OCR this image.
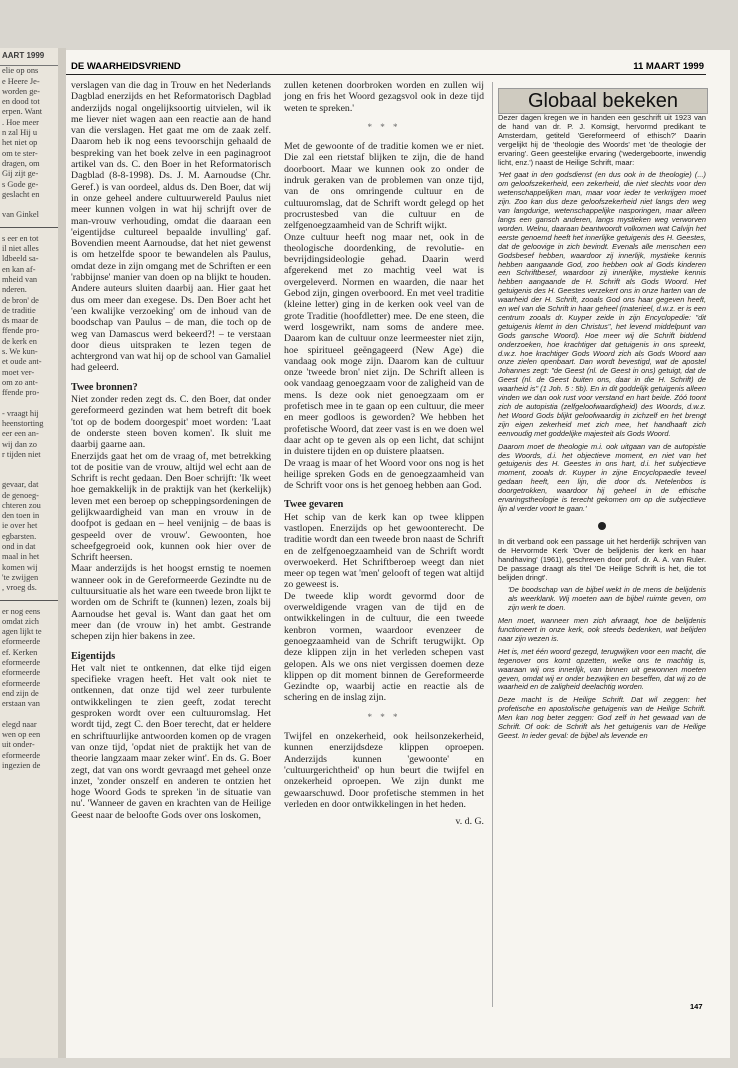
AART 1999
elie op ons
e Heere Je-
worden ge-
en dood tot
erpen. Want
. Hoe meer
n zal Hij u
het niet op
om te ster-
dragen, om
Gij zijt ge-
s Gode ge-
geslacht en

van Ginkel
s eer en tot
il niet alles
ldbeeld sa-
en kan af-
mheid van
nderen.
de bron' de
de traditie
ds maar de
ffende pro-
de kerk en
s. We kun-
et oude ant-
moet ver-
om zo ant-
ffende pro-

- vraagt hij
heenstorting
eer een an-
wij dan zo
r tijden niet
gevaar, dat
de genoeg-
chteren zou
den toen in
ie over het
egbarsten.
ond in dat
maal in het
komen wij
'te zwijgen
, vroeg ds.
er nog eens
omdat zich
agen lijkt te
eformeerde
ef. Kerken
eformeerde
eformeerde
eformeerde
end zijn de
erstaan van

elegd naar
wen op een
uit onder-
eformeerde
ingezien de
DE WAARHEIDSVRIEND	11 MAART 1999

verslagen van die dag in Trouw en het Nederlands Dagblad enerzijds en het Reformatorisch Dagblad anderzijds nogal ongelijksoortig uitvielen, wil ik me liever niet wagen aan een reactie aan de hand van die verslagen. Het gaat me om de zaak zelf. Daarom heb ik nog eens tevoorschijn gehaald de bespreking van het boek zelve in een paginagroot artikel van ds. C. den Boer in het Reformatorisch Dagblad (8-8-1998). Ds. J. M. Aarnoudse (Chr. Geref.) is van oordeel, aldus ds. Den Boer, dat wij in onze geheel andere cultuurwereld Paulus niet meer kunnen volgen in wat hij schrijft over de man-vrouw verhouding, omdat die daaraan een 'eigentijdse cultureel bepaalde invulling' gaf. Bovendien meent Aarnoudse, dat het niet gewenst is om hetzelfde spoor te bewandelen als Paulus, omdat deze in zijn omgang met de Schriften er een 'rabbijnse' manier van doen op na blijkt te houden. Andere auteurs sluiten daarbij aan. Hier gaat het dus om meer dan exegese. Ds. Den Boer acht het 'een kwalijke verzoeking' om de inhoud van de boodschap van Paulus – de man, die toch op de weg van Damascus werd bekeerd?! – te verstaan door dieus uitspraken te lezen tegen de achtergrond van wat hij op de school van Gamaliel had geleerd.

Twee bronnen?

Niet zonder reden zegt ds. C. den Boer, dat onder gereformeerd gezinden wat hem betreft dit boek 'tot op de bodem doorgespit' moet worden: 'Laat de onderste steen boven komen'. Ik sluit me daarbij gaarne aan.

Enerzijds gaat het om de vraag of, met betrekking tot de positie van de vrouw, altijd wel echt aan de Schrift is recht gedaan. Den Boer schrijft: 'Ik weet hoe gemakkelijk in de praktijk van het (kerkelijk) leven met een beroep op scheppingsordeningen de gelijkwaardigheid van man en vrouw in de doofpot is gedaan en – heel venijnig – de baas is gespeeld over de vrouw'. Gewoonten, hoe scheefgegroeid ook, kunnen ook hier over de Schrift heersen.

Maar anderzijds is het hoogst ernstig te noemen wanneer ook in de Gereformeerde Gezindte nu de cultuursituatie als het ware een tweede bron lijkt te worden om de Schrift te (kunnen) lezen, zoals bij Aarnoudse het geval is. Want dan gaat het om meer dan (de vrouw in) het ambt. Gestrande schepen zijn hier bakens in zee.

Eigentijds

Het valt niet te ontkennen, dat elke tijd eigen specifieke vragen heeft. Het valt ook niet te ontkennen, dat onze tijd wel zeer turbulente ontwikkelingen te zien geeft, zodat terecht gesproken wordt over een cultuuromslag. Het wordt tijd, zegt C. den Boer terecht, dat er heldere en schriftuurlijke antwoorden komen op de vragen van onze tijd, 'opdat niet de praktijk het van de theorie langzaam maar zeker wint'. En ds. G. Boer zegt, dat van ons wordt gevraagd met geheel onze inzet, 'zonder onszelf en anderen te ontzien het hoge Woord Gods te spreken 'in de situatie van nu'. 'Wanneer de gaven en krachten van de Heilige Geest naar de beloofte Gods over ons loskomen,

zullen ketenen doorbroken worden en zullen wij jong en fris het Woord gezagsvol ook in deze tijd weten te spreken.'

* * *

Met de gewoonte of de traditie komen we er niet. Die zal een rietstaf blijken te zijn, die de hand doorboort. Maar we kunnen ook zo onder de indruk geraken van de problemen van onze tijd, van de ons omringende cultuur en de cultuuromslag, dat de Schrift wordt gelegd op het procrustesbed van die cultuur en de zelfgenoegzaamheid van de Schrift wijkt.

Onze cultuur heeft nog maar net, ook in de theologische doordenking, de revolutie- en bevrijdingsideologie gehad. Daarin werd afgerekend met zo machtig veel wat is overgeleverd. Normen en waarden, die naar het Gebod zijn, gingen overboord. En met veel traditie (kleine letter) ging in de kerken ook veel van de grote Traditie (hoofdletter) mee. De ene steen, die werd losgewrikt, nam soms de andere mee. Daarom kan de cultuur onze leermeester niet zijn, hoe spiritueel geëngageerd (New Age) die vandaag ook moge zijn. Daarom kan de cultuur onze 'tweede bron' niet zijn. De Schrift alleen is ook vandaag genoegzaam voor de zaligheid van de mens. Is deze ook niet genoegzaam om er profetisch mee in te gaan op een cultuur, die meer en meer godloos is geworden? We hebben het profetische Woord, dat zeer vast is en we doen wel daar acht op te geven als op een licht, dat schijnt in duistere tijden en op duistere plaatsen.

De vraag is maar of het Woord voor ons nog is het heilige spreken Gods en de genoegzaamheid van de Schrift voor ons is het genoeg hebben aan God.

Twee gevaren

Het schip van de kerk kan op twee klippen vastlopen. Enerzijds op het gewoonterecht. De traditie wordt dan een tweede bron naast de Schrift en de zelfgenoegzaamheid van de Schrift wordt overwoekerd. Het Schriftberoep weegt dan niet meer op tegen wat 'men' gelooft of tegen wat altijd zo geweest is.

De tweede klip wordt gevormd door de overweldigende vragen van de tijd en de ontwikkelingen in de cultuur, die een tweede kenbron vormen, waardoor evenzeer de genoegzaamheid van de Schrift terugwijkt. Op deze klippen zijn in het verleden schepen vast gelopen. Als we ons niet vergissen doemen deze klippen op dit moment binnen de Gereformeerde Gezindte op, waarbij actie en reactie als de schering en de inslag zijn.

* * *

Twijfel en onzekerheid, ook heilsonzekerheid, kunnen enerzijdsdeze klippen oproepen. Anderzijds kunnen 'gewoonte' en 'cultuurgerichtheid' op hun beurt die twijfel en onzekerheid oproepen. We zijn dunkt me gewaarschuwd. Door profetische stemmen in het verleden en door ontwikkelingen in het heden.

v. d. G.
Globaal bekeken

Dezer dagen kregen we in handen een geschrift uit 1923 van de hand van dr. P. J. Komsigt, hervormd predikant te Amsterdam, getiteld 'Gereformeerd of ethisch?' Daarin vergelijkt hij de 'theologie des Woords' met 'de theologie der ervaring'. Geen geestelijke ervaring ('wedergeboorte, inwendig licht, enz.') naast de Heilige Schrift, maar:

'Het gaat in den godsdienst (en dus ook in de theologie) (...) om geloofszekerheid, een zekerheid, die niet slechts voor den wetenschappelijken man, maar voor ieder te verkrijgen moet zijn. Zoo kan dus deze geloofszekerheid niet langs den weg van langdurige, wetenschappelijke nasporingen, maar alleen langs een gansch anderen, langs mystieken weg verworven worden. Welnu, daaraan beantwoordt volkomen wat Calvijn het eerste genoemd heeft het innerlijke getuigenis des H. Geestes, dat de geloovige in zich bevindt. Evenals alle menschen een Godsbesef hebben, waardoor zij innerlijk, mystieke kennis hebben aangaande God, zoo hebben ook al Gods kinderen een Schriftbesef, waardoor zij innerlijke, mystieke kennis hebben aangaande de H. Schrift als Gods Woord. Het getuigenis des H. Geestes verzekert ons in onze harten van de waarheid der H. Schrift, zooals God ons haar gegeven heeft, en wel van die Schrift in haar geheel (materieel, d.w.z. er is een centrum zooals dr. Kuyper zeide in zijn Encyclopedie: "dit getuigenis klemt in den Christus", het levend middelpunt van Gods gansche Woord). Hoe meer wij die Schrift biddend onderzoeken, hoe krachtiger dat getuigenis in ons spreekt, d.w.z. hoe krachtiger Gods Woord zich als Gods Woord aan onze zielen openbaart. Dan wordt bevestigd, wat de apostel Johannes zegt: "de Geest (nl. de Geest in ons) getuigt, dat de Geest (nl. de Geest buiten ons, daar in die H. Schrift) de waarheid is" (1 Joh. 5 : 5b). En in dit goddelijk getuigenis alleen vinden we dan ook rust voor verstand en hart beide. Zóó toont zich de autopistia (zelfgeloofwaardigheid) des Woords, d.w.z. het Woord Gods blijkt geloofwaardig in zichzelf en het brengt zijn eigen zekerheid met zich mee, het handhaaft zich eenvoudig met goddelijke majesteit als Gods Woord.

Daarom moet de theologie m.i. ook uitgaan van de autopistie des Woords, d.i. het objectieve moment, en niet van het getuigenis des H. Geestes in ons hart, d.i. het subjectieve moment, zooals dr. Kuyper in zijne Encyclopaedie teveel gedaan heeft, een lijn, die door ds. Netelenbos is doorgetrokken, waardoor hij geheel in de ethische ervaringstheologie is terecht gekomen om op die subjectieve lijn al verder voort te gaan.'

In dit verband ook een passage uit het herderlijk schrijven van de Hervormde Kerk 'Over de belijdenis der kerk en haar handhaving' (1961), geschreven door prof. dr. A. A. van Ruler. De passage draagt als titel 'De Heilige Schrift is het, die tot belijden dringt'.

'De boodschap van de bijbel wekt in de mens de belijdenis als weerklank. Wij moeten aan de bijbel ruimte geven, om zijn werk te doen.

Men moet, wanneer men zich afvraagt, hoe de belijdenis functioneert in onze kerk, ook steeds bedenken, wat belijden naar zijn wezen is.

Het is, met één woord gezegd, terugwijken voor een macht, die tegenover ons komt opzetten, welke ons te machtig is, waaraan wij ons innerlijk, van binnen uit gewonnen moeten geven, omdat wij er onder bezwijken en beseffen, dat wij zo de waarheid en de zaligheid deelachtig worden.

Deze macht is de Heilige Schrift. Dat wil zeggen: het profetische en apostolische getuigenis van de Heilige Schrift. Men kan nog beter zeggen: God zelf in het gewaad van de Schrift. Of ook: de Schrift als het getuigenis van de Heilige Geest. In ieder geval: de bijbel als levende en

147
